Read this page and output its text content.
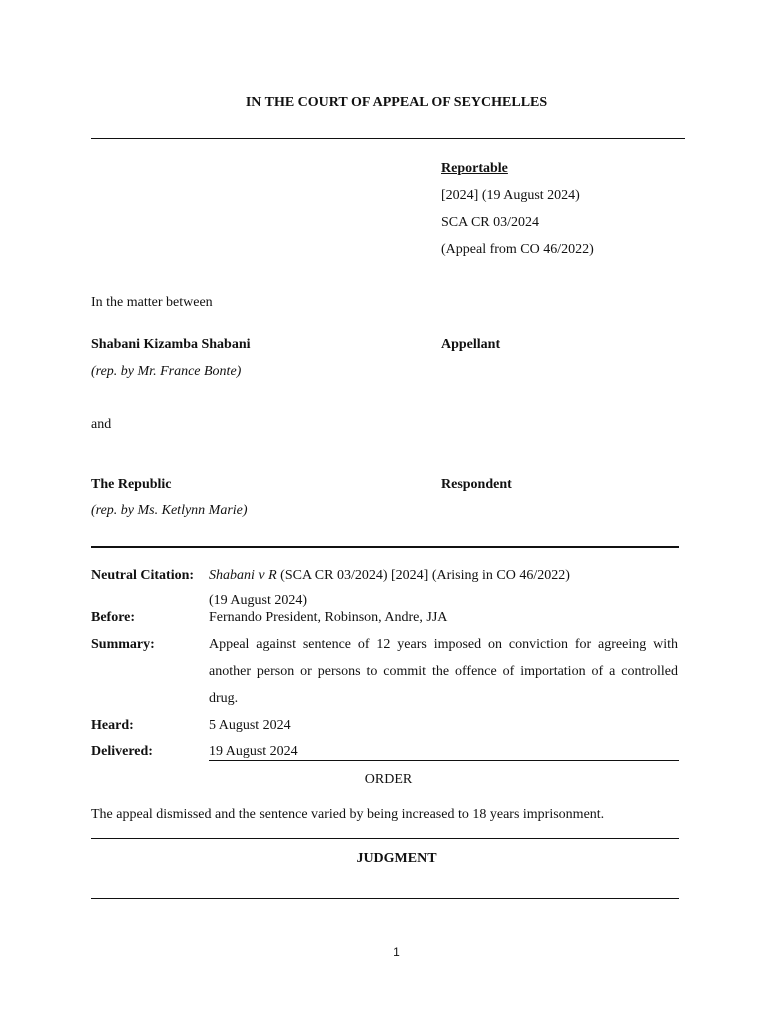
IN THE COURT OF APPEAL OF SEYCHELLES
Reportable
[2024] (19 August 2024)
SCA CR 03/2024
(Appeal from CO 46/2022)
In the matter between
Shabani Kizamba Shabani	Appellant
(rep. by Mr. France Bonte)
and
The Republic	Respondent
(rep. by Ms. Ketlynn Marie)
Neutral Citation: Shabani v R (SCA CR 03/2024) [2024] (Arising in CO 46/2022)
(19 August 2024)
Before:	Fernando President, Robinson, Andre, JJA
Summary:	Appeal against sentence of 12 years imposed on conviction for agreeing with another person or persons to commit the offence of importation of a controlled drug.
Heard:	5 August 2024
Delivered:	19 August 2024
ORDER
The appeal dismissed and the sentence varied by being increased to 18 years imprisonment.
JUDGMENT
1
